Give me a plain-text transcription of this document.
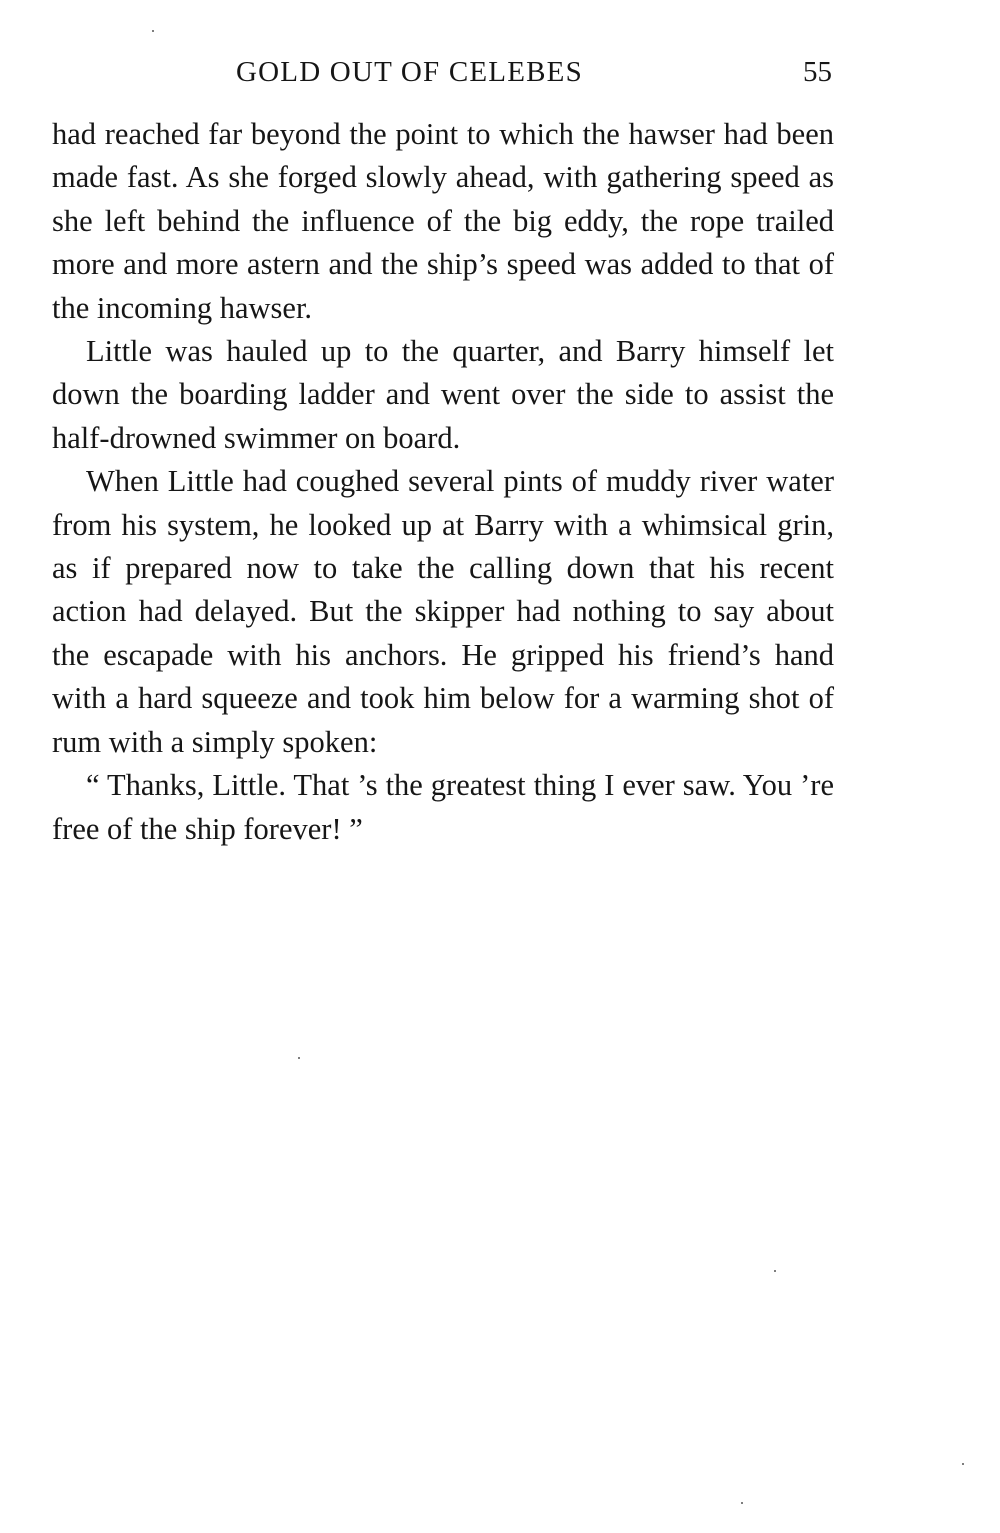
GOLD OUT OF CELEBES	55

had reached far beyond the point to which the hawser had been made fast. As she forged slowly ahead, with gathering speed as she left behind the influence of the big eddy, the rope trailed more and more astern and the ship’s speed was added to that of the incoming hawser.

Little was hauled up to the quarter, and Barry himself let down the boarding ladder and went over the side to assist the half-drowned swimmer on board.

When Little had coughed several pints of muddy river water from his system, he looked up at Barry with a whimsical grin, as if prepared now to take the calling down that his recent action had delayed. But the skipper had nothing to say about the escapade with his anchors. He gripped his friend’s hand with a hard squeeze and took him below for a warming shot of rum with a simply spoken:

“ Thanks, Little. That ’s the greatest thing I ever saw. You ’re free of the ship forever! ”
